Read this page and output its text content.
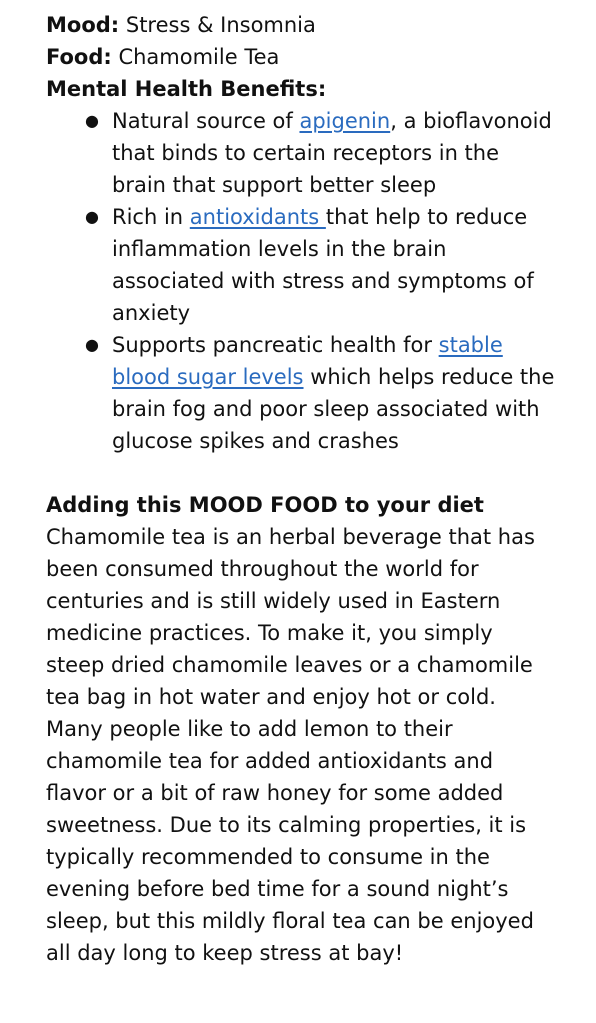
Mood: Stress & Insomnia

Food: Chamomile Tea

Mental Health Benefits:

● Natural source of apigenin, a bioflavonoid that binds to certain receptors in the brain that support better sleep
● Rich in antioxidants that help to reduce inflammation levels in the brain associated with stress and symptoms of anxiety
● Supports pancreatic health for stable blood sugar levels which helps reduce the brain fog and poor sleep associated with glucose spikes and crashes

Adding this MOOD FOOD to your diet

Chamomile tea is an herbal beverage that has been consumed throughout the world for centuries and is still widely used in Eastern medicine practices. To make it, you simply steep dried chamomile leaves or a chamomile tea bag in hot water and enjoy hot or cold. Many people like to add lemon to their chamomile tea for added antioxidants and flavor or a bit of raw honey for some added sweetness. Due to its calming properties, it is typically recommended to consume in the evening before bed time for a sound night’s sleep, but this mildly floral tea can be enjoyed all day long to keep stress at bay!
